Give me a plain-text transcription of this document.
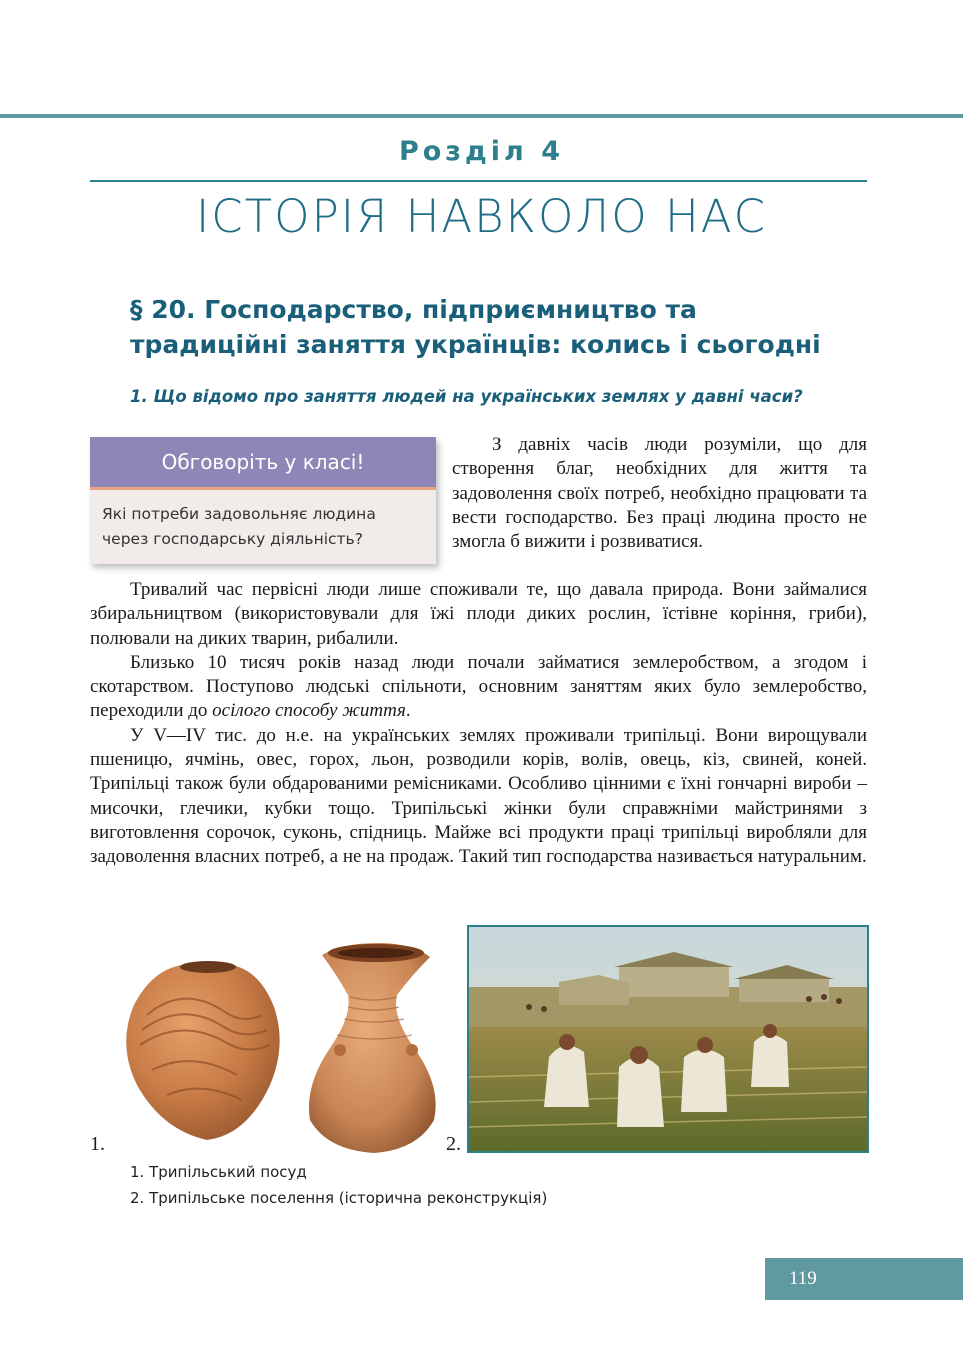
Розділ 4
ІСТОРІЯ НАВКОЛО НАС
§ 20. Господарство, підприємництво та
традиційні заняття українців: колись і сьогодні
1. Що відомо про заняття людей на українських землях у давні часи?
Обговоріть у класі!
Які потреби задовольняє людина через господарську діяльність?
З давніх часів люди розуміли, що для створення благ, необхідних для життя та задоволення своїх потреб, необхідно працювати та вести господарство. Без праці людина просто не змогла б вижити і розвиватися.

Тривалий час первісні люди лише споживали те, що давала природа. Вони займалися збиральництвом (використовували для їжі плоди диких рослин, їстівне коріння, гриби), полювали на диких тварин, рибалили.

Близько 10 тисяч років назад люди почали займатися землеробством, а згодом і скотарством. Поступово людські спільноти, основним заняттям яких було землеробство, переходили до осілого способу життя.

У V—IV тис. до н.е. на українських землях проживали трипільці. Вони вирощували пшеницю, ячмінь, овес, горох, льон, розводили корів, волів, овець, кіз, свиней, коней. Трипільці також були обдарованими ремісниками. Особливо цінними є їхні гончарні вироби – мисочки, глечики, кубки тощо. Трипільські жінки були справжніми майстринями з виготовлення сорочок, суконь, спідниць. Майже всі продукти праці трипільці виробляли для задоволення власних потреб, а не на продаж. Такий тип господарства називається натуральним.

1.	2.
1. Трипільський посуд
2. Трипільське поселення (історична реконструкція)
119
